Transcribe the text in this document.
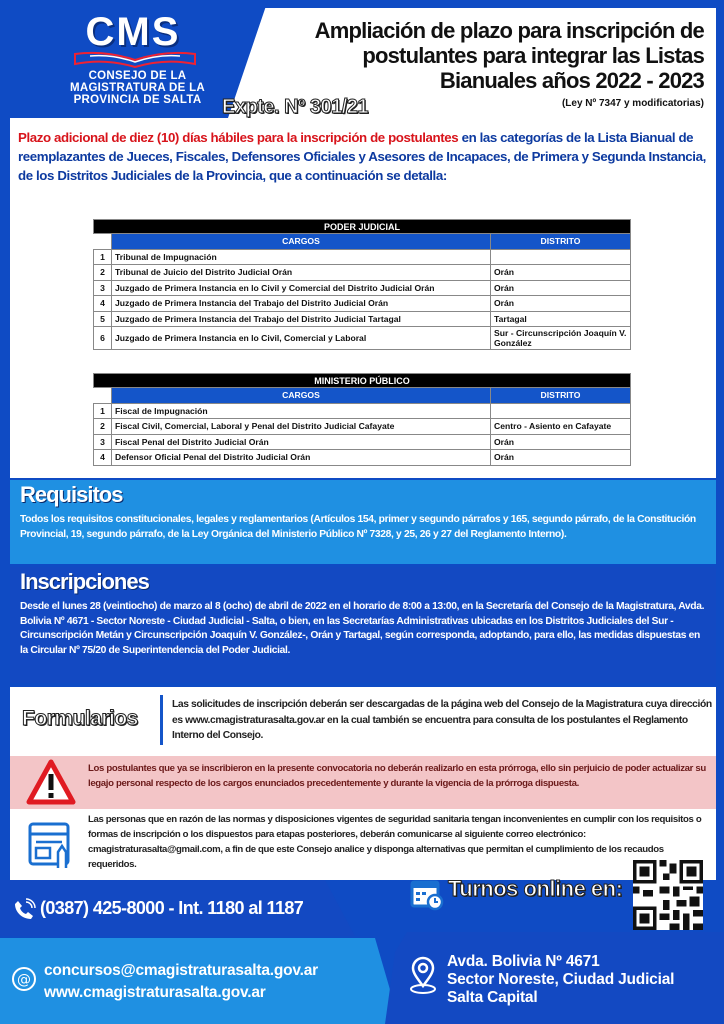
CMS
CONSEJO DE LA
MAGISTRATURA DE LA
PROVINCIA DE SALTA
Ampliación de plazo para inscripción de
postulantes para integrar las Listas
Bianuales años 2022 - 2023
(Ley Nº 7347 y modificatorias)
Expte. Nº 301/21
Plazo adicional de diez (10) días hábiles para la inscripción de postulantes en las categorías de la Lista Bianual de reemplazantes de Jueces, Fiscales, Defensores Oficiales y Asesores de Incapaces, de Primera y Segunda Instancia, de los Distritos Judiciales de la Provincia, que a continuación se detalla:
PODER JUDICIAL		
	CARGOS	DISTRITO
1	Tribunal de Impugnación	
2	Tribunal de Juicio del Distrito Judicial Orán	Orán
3	Juzgado de Primera Instancia en lo Civil y Comercial del Distrito Judicial Orán	Orán
4	Juzgado de Primera Instancia del Trabajo del Distrito Judicial Orán	Orán
5	Juzgado de Primera Instancia del Trabajo del Distrito Judicial Tartagal	Tartagal
6	Juzgado de Primera Instancia en lo Civil, Comercial y Laboral	Sur - Circunscripción Joaquín V. González
MINISTERIO PÚBLICO		
	CARGOS	DISTRITO
1	Fiscal de Impugnación	
2	Fiscal Civil, Comercial, Laboral y Penal del Distrito Judicial Cafayate	Centro - Asiento en Cafayate
3	Fiscal Penal del Distrito Judicial Orán	Orán
4	Defensor Oficial Penal del Distrito Judicial Orán	Orán
Requisitos

Todos los requisitos constitucionales, legales y reglamentarios (Artículos 154, primer y segundo párrafos y 165, segundo párrafo, de la Constitución Provincial, 19, segundo párrafo, de la Ley Orgánica del Ministerio Público Nº 7328, y 25, 26 y 27 del Reglamento Interno).

Inscripciones

Desde el lunes 28 (veintiocho) de marzo al 8 (ocho) de abril de 2022 en el horario de 8:00 a 13:00, en la Secretaría del Consejo de la Magistratura, Avda. Bolivia Nº 4671 - Sector Noreste - Ciudad Judicial - Salta, o bien, en las Secretarías Administrativas ubicadas en los Distritos Judiciales del Sur -Circunscripción Metán y Circunscripción Joaquín V. González-, Orán y Tartagal, según corresponda, adoptando, para ello, las medidas dispuestas en la Circular Nº 75/20 de Superintendencia del Poder Judicial.

Formularios
Las solicitudes de inscripción deberán ser descargadas de la página web del Consejo de la Magistratura cuya dirección es www.cmagistraturasalta.gov.ar en la cual también se encuentra para consulta de los postulantes el Reglamento Interno del Consejo.
Los postulantes que ya se inscribieron en la presente convocatoria no deberán realizarlo en esta prórroga, ello sin perjuicio de poder actualizar su legajo personal respecto de los cargos enunciados precedentemente y durante la vigencia de la prórroga dispuesta.
Las personas que en razón de las normas y disposiciones vigentes de seguridad sanitaria tengan inconvenientes en cumplir con los requisitos o formas de inscripción o los dispuestos para etapas posteriores, deberán comunicarse al siguiente correo electrónico: cmagistraturasalta@gmail.com, a fin de que este Consejo analice y disponga alternativas que permitan el cumplimiento de los recaudos requeridos.
Turnos online en:
(0387) 425-8000 - Int. 1180 al 1187
@
concursos@cmagistraturasalta.gov.ar
www.cmagistraturasalta.gov.ar
Avda. Bolivia Nº 4671
Sector Noreste, Ciudad Judicial
Salta Capital
